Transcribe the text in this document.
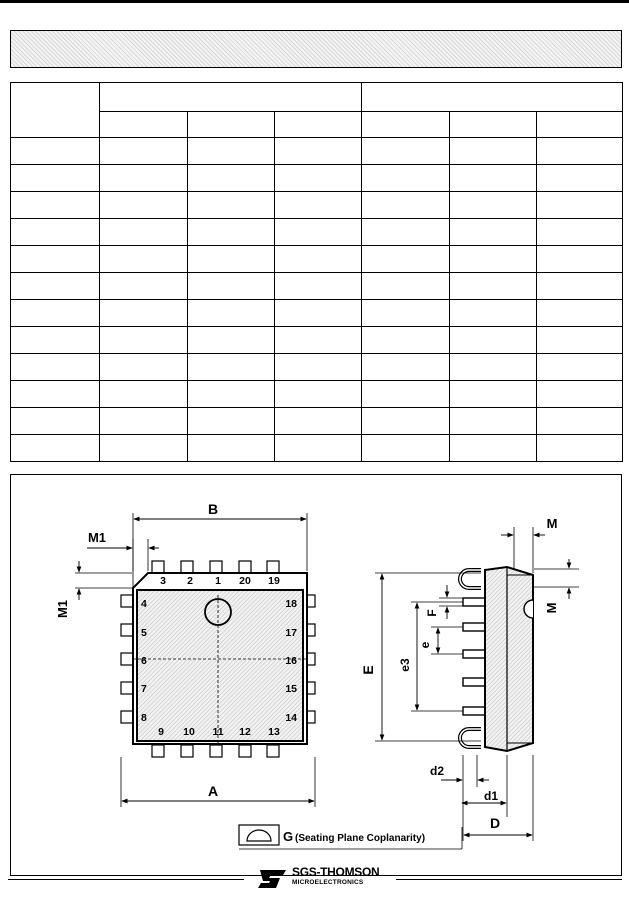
3 2 1 20 19
9 10 11 12 13
4
5
6
7
8
18
17
16
15
14
B
A
M1
M1
M
M
E e3
e
F
d2
d1
D
G (Seating Plane Coplanarity)
SGS-THOMSON
MICROELECTRONICS
